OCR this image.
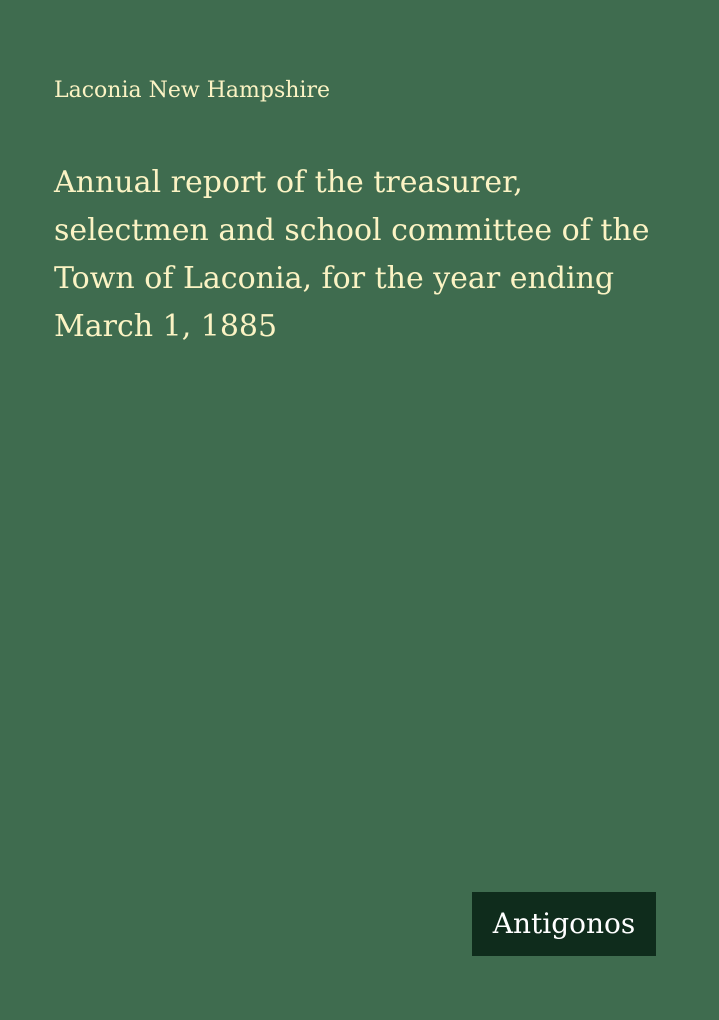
Laconia New Hampshire

Annual report of the treasurer, selectmen and school committee of the Town of Laconia, for the year ending March 1, 1885
Antigonos
